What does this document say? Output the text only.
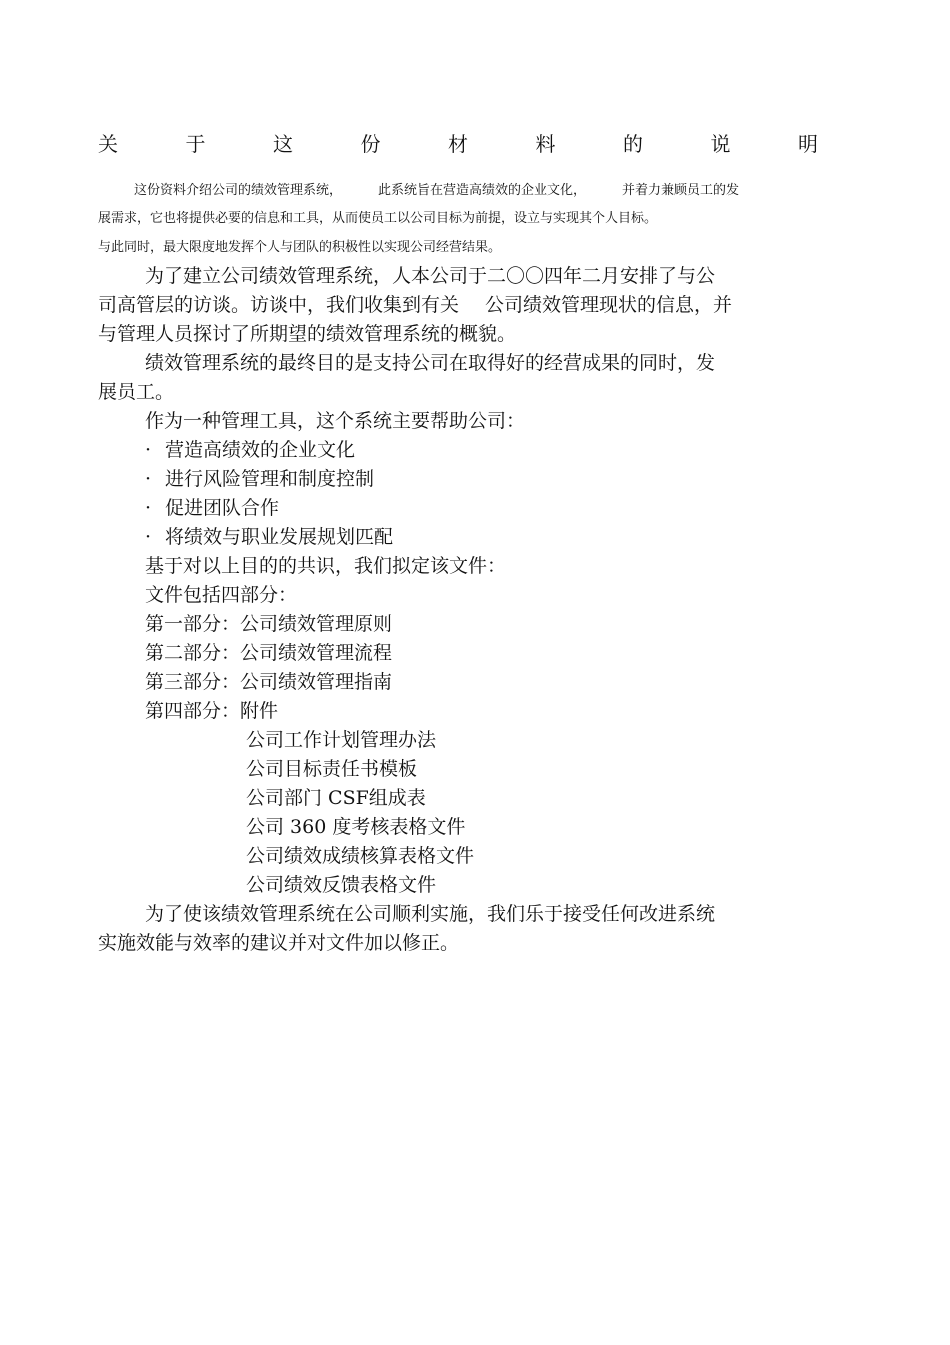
关	于	这	份	材	料	的	说	明
这份资料介绍公司的绩效管理系统，	此系统旨在营造高绩效的企业文化，	并着力兼顾员工的发
展需求，它也将提供必要的信息和工具，从而使员工以公司目标为前提，设立与实现其个人目标。
与此同时，最大限度地发挥个人与团队的积极性以实现公司经营结果。
为了建立公司绩效管理系统，人本公司于二〇〇四年二月安排了与公
司高管层的访谈。访谈中，我们收集到有关 公司绩效管理现状的信息，并
与管理人员探讨了所期望的绩效管理系统的概貌。
绩效管理系统的最终目的是支持公司在取得好的经营成果的同时，发
展员工。
作为一种管理工具，这个系统主要帮助公司：
· 营造高绩效的企业文化
· 进行风险管理和制度控制
· 促进团队合作
· 将绩效与职业发展规划匹配
基于对以上目的的共识，我们拟定该文件：
文件包括四部分：
第一部分：公司绩效管理原则
第二部分：公司绩效管理流程
第三部分：公司绩效管理指南
第四部分：附件
公司工作计划管理办法
公司目标责任书模板
公司部门 CSF组成表
公司 360 度考核表格文件
公司绩效成绩核算表格文件
公司绩效反馈表格文件
为了使该绩效管理系统在公司顺利实施，我们乐于接受任何改进系统
实施效能与效率的建议并对文件加以修正。
